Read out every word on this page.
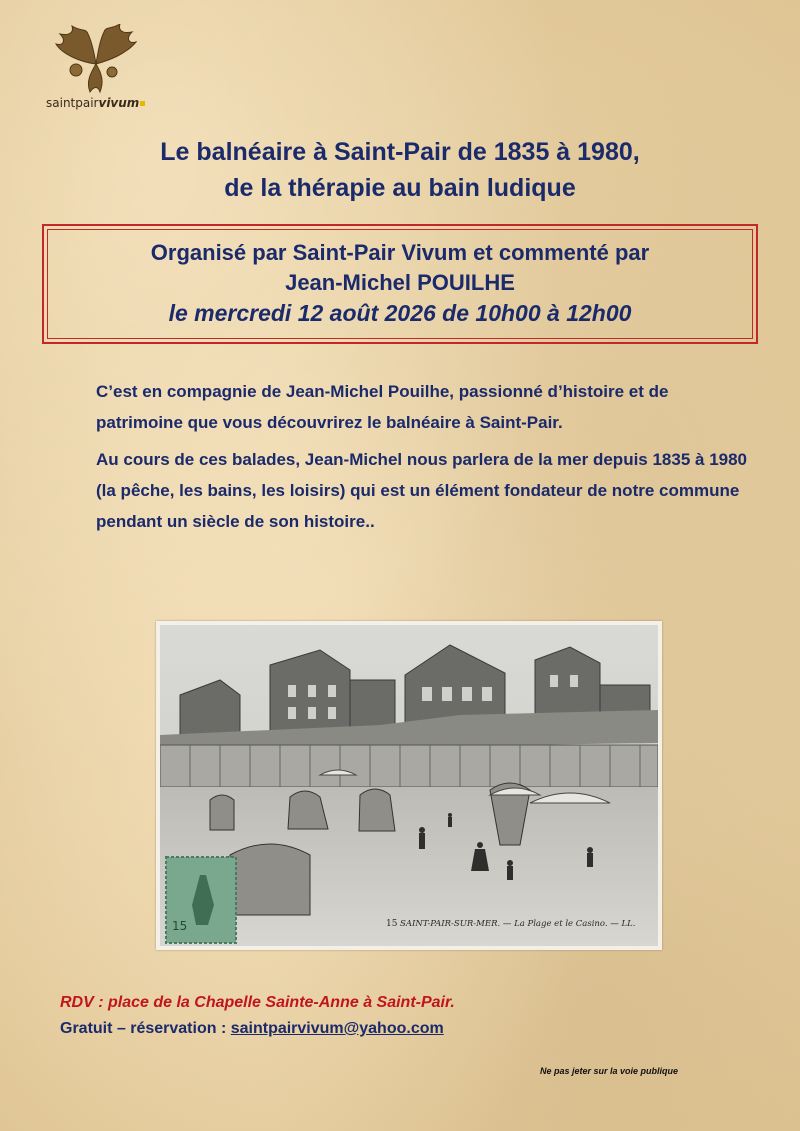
saintpairvivum
Le balnéaire à Saint-Pair de 1835 à 1980,
de la thérapie au bain ludique
Organisé par Saint-Pair Vivum et commenté par
Jean-Michel POUILHE
le mercredi 12 août 2026 de 10h00 à 12h00

C’est en compagnie de Jean-Michel Pouilhe, passionné d’histoire et de patrimoine que vous découvrirez le balnéaire à Saint-Pair.

Au cours de ces balades, Jean-Michel nous parlera de la mer depuis 1835 à 1980 (la pêche, les bains, les loisirs) qui est un élément fondateur de notre commune pendant un siècle de son histoire..

15	15 SAINT-PAIR-SUR-MER. — La Plage et le Casino. — LL.
RDV : place de la Chapelle Sainte-Anne à Saint-Pair.
Gratuit – réservation : saintpairvivum@yahoo.com
Ne pas jeter sur la voie publique
